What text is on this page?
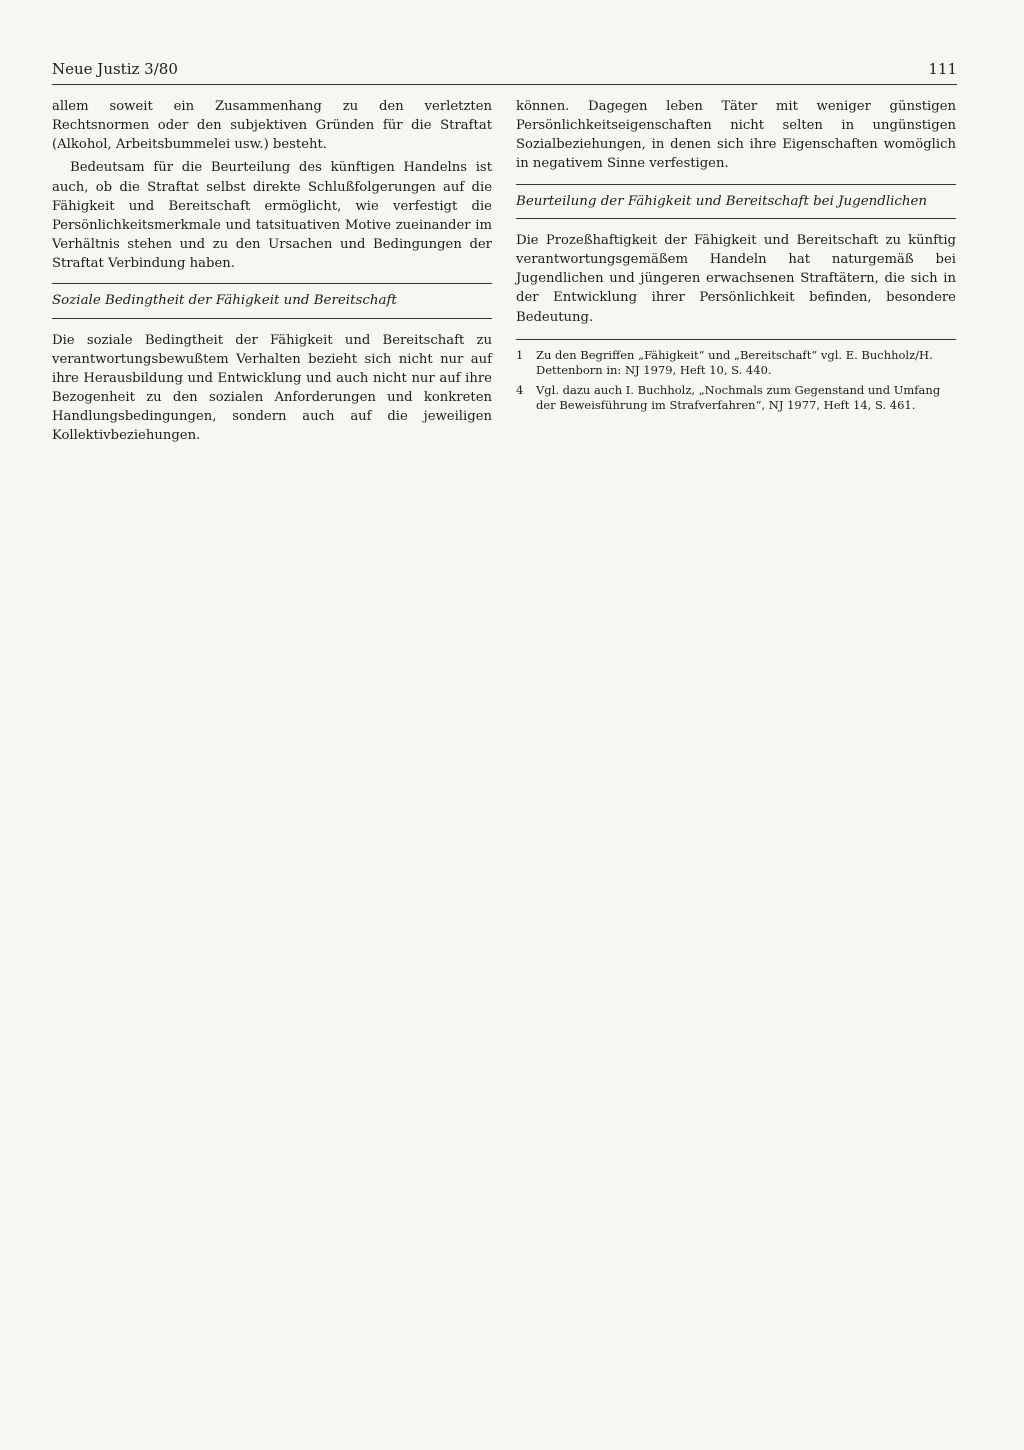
Neue Justiz 3/80	111

allem soweit ein Zusammenhang zu den verletzten Rechtsnormen oder den subjektiven Gründen für die Straftat (Alkohol, Arbeitsbummelei usw.) besteht.

Bedeutsam für die Beurteilung des künftigen Handelns ist auch, ob die Straftat selbst direkte Schlußfolgerungen auf die Fähigkeit und Bereitschaft ermöglicht, wie verfestigt die Persönlichkeitsmerkmale und tatsituativen Motive zueinander im Verhältnis stehen und zu den Ursachen und Bedingungen der Straftat Verbindung haben.

Soziale Bedingtheit der Fähigkeit und Bereitschaft

Die soziale Bedingtheit der Fähigkeit und Bereitschaft zu verantwortungsbewußtem Verhalten bezieht sich nicht nur auf ihre Herausbildung und Entwicklung und auch nicht nur auf ihre Bezogenheit zu den sozialen Anforderungen und konkreten Handlungsbedingungen, sondern auch auf die jeweiligen Kollektivbeziehungen.

können. Dagegen leben Täter mit weniger günstigen Persönlichkeitseigenschaften nicht selten in ungünstigen Sozialbeziehungen, in denen sich ihre Eigenschaften womöglich in negativem Sinne verfestigen.

Beurteilung der Fähigkeit und Bereitschaft bei Jugendlichen

Die Prozeßhaftigkeit der Fähigkeit und Bereitschaft zu künftig verantwortungsgemäßem Handeln hat naturgemäß bei Jugendlichen und jüngeren erwachsenen Straftätern, die sich in der Entwicklung ihrer Persönlichkeit befinden, besondere Bedeutung.

1	Zu den Begriffen „Fähigkeit“ und „Bereitschaft“ vgl. E. Buchholz/H. Dettenborn in: NJ 1979, Heft 10, S. 440.
4	Vgl. dazu auch I. Buchholz, „Nochmals zum Gegenstand und Umfang der Beweisführung im Strafverfahren“, NJ 1977, Heft 14, S. 461.
